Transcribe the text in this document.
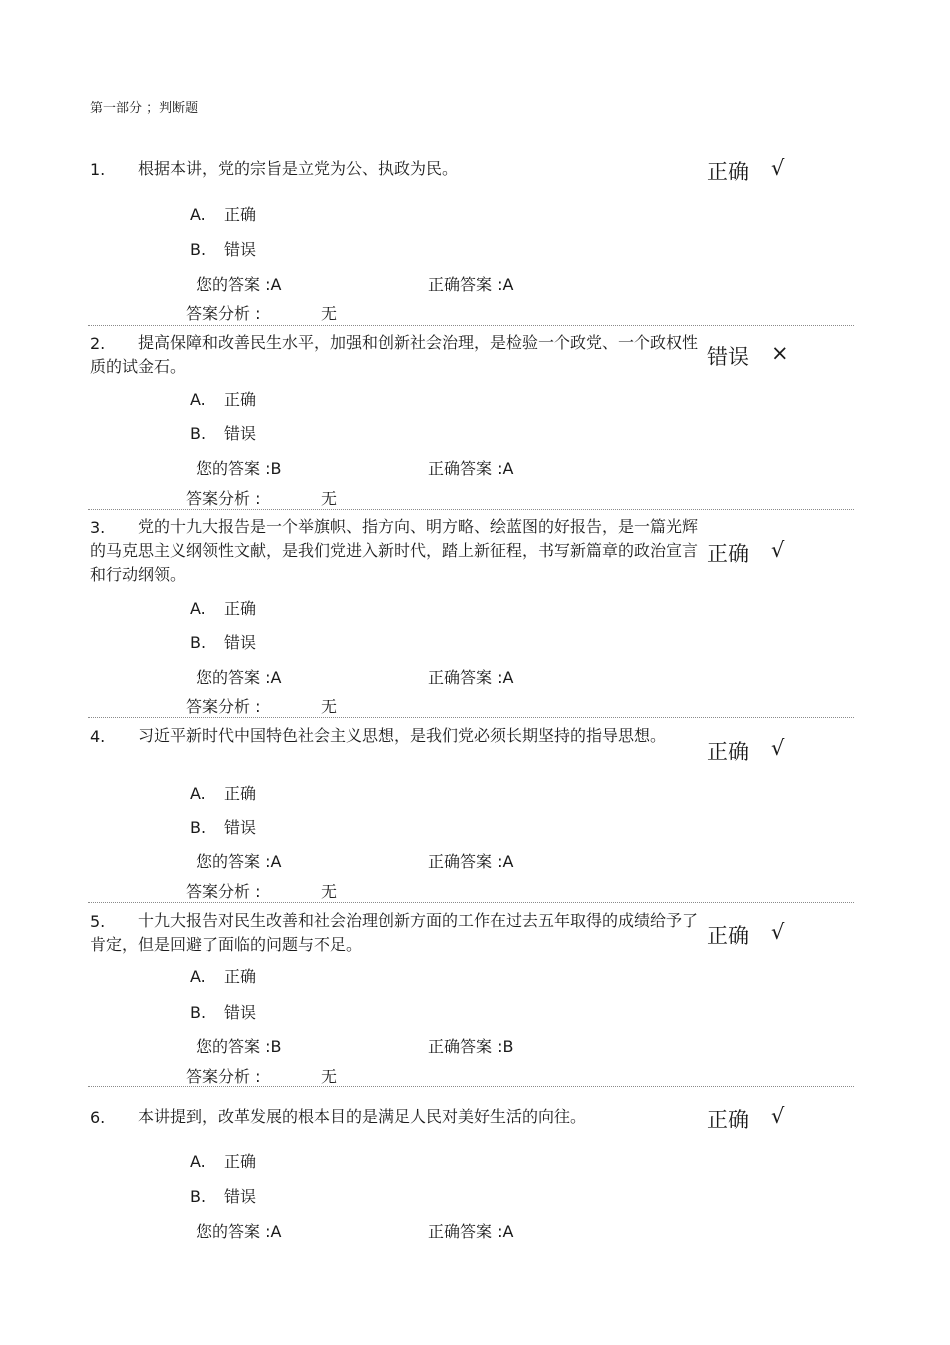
第一部分 ；判断题
1.	根据本讲，党的宗旨是立党为公、执政为民。	正确 √
A. 正确
B. 错误
您的答案 :A	正确答案 :A
答案分析 :	无
2.	提高保障和改善民生水平，加强和创新社会治理，是检验一个政党、一个政权性质的试金石。	错误 ×
A. 正确
B. 错误
您的答案 :B	正确答案 :A
答案分析 :	无
3.	党的十九大报告是一个举旗帜、指方向、明方略、绘蓝图的好报告，是一篇光辉的马克思主义纲领性文献，是我们党进入新时代，踏上新征程，书写新篇章的政治宣言和行动纲领。
正确 √
A. 正确
B. 错误
您的答案 :A	正确答案 :A
答案分析 :	无
4.	习近平新时代中国特色社会主义思想，是我们党必须长期坚持的指导思想。
正确 √
A. 正确
B. 错误
您的答案 :A	正确答案 :A
答案分析 :	无
5.	十九大报告对民生改善和社会治理创新方面的工作在过去五年取得的成绩给予了肯定，但是回避了面临的问题与不足。	正确 √
A. 正确
B. 错误
您的答案 :B	正确答案 :B
答案分析 :	无
6.	本讲提到，改革发展的根本目的是满足人民对美好生活的向往。	正确 √
A. 正确
B. 错误
您的答案 :A	正确答案 :A
